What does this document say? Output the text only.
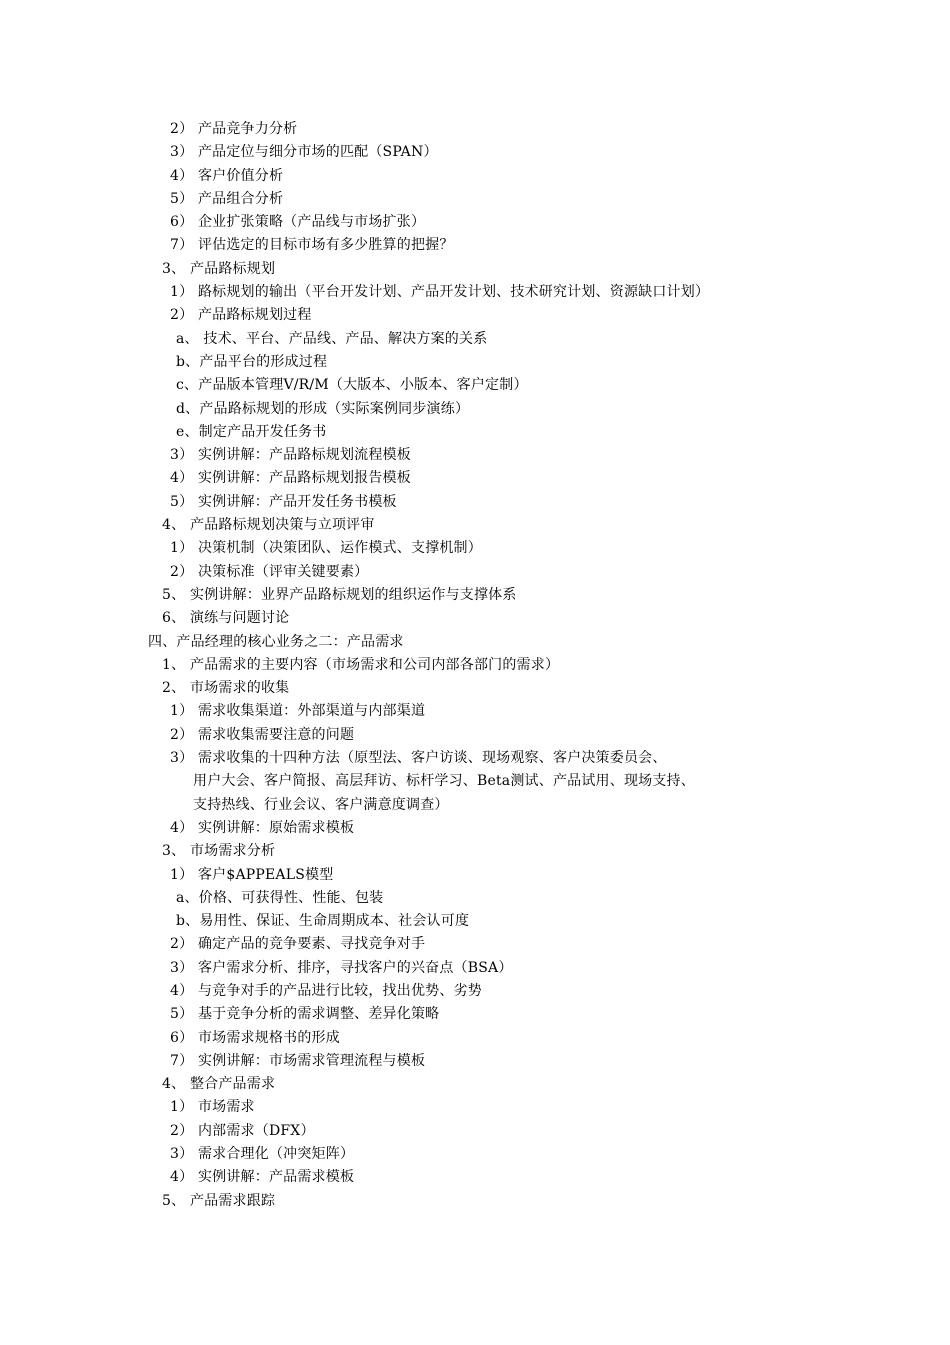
2） 产品竞争力分析
3） 产品定位与细分市场的匹配（SPAN）
4） 客户价值分析
5） 产品组合分析
6） 企业扩张策略（产品线与市场扩张）
7） 评估选定的目标市场有多少胜算的把握？
3、 产品路标规划
1） 路标规划的输出（平台开发计划、产品开发计划、技术研究计划、资源缺口计划）
2） 产品路标规划过程
a、 技术、平台、产品线、产品、解决方案的关系
b、产品平台的形成过程
c、产品版本管理V/R/M（大版本、小版本、客户定制）
d、产品路标规划的形成（实际案例同步演练）
e、制定产品开发任务书
3） 实例讲解：产品路标规划流程模板
4） 实例讲解：产品路标规划报告模板
5） 实例讲解：产品开发任务书模板
4、 产品路标规划决策与立项评审
1） 决策机制（决策团队、运作模式、支撑机制）
2） 决策标准（评审关键要素）
5、 实例讲解：业界产品路标规划的组织运作与支撑体系
6、 演练与问题讨论
四、产品经理的核心业务之二：产品需求
1、 产品需求的主要内容（市场需求和公司内部各部门的需求）
2、 市场需求的收集
1） 需求收集渠道：外部渠道与内部渠道
2） 需求收集需要注意的问题
3） 需求收集的十四种方法（原型法、客户访谈、现场观察、客户决策委员会、
用户大会、客户简报、高层拜访、标杆学习、Beta测试、产品试用、现场支持、
支持热线、行业会议、客户满意度调查）
4） 实例讲解：原始需求模板
3、 市场需求分析
1） 客户$APPEALS模型
a、价格、可获得性、性能、包装
b、易用性、保证、生命周期成本、社会认可度
2） 确定产品的竞争要素、寻找竞争对手
3） 客户需求分析、排序，寻找客户的兴奋点（BSA）
4） 与竞争对手的产品进行比较，找出优势、劣势
5） 基于竞争分析的需求调整、差异化策略
6） 市场需求规格书的形成
7） 实例讲解：市场需求管理流程与模板
4、 整合产品需求
1） 市场需求
2） 内部需求（DFX）
3） 需求合理化（冲突矩阵）
4） 实例讲解：产品需求模板
5、 产品需求跟踪
